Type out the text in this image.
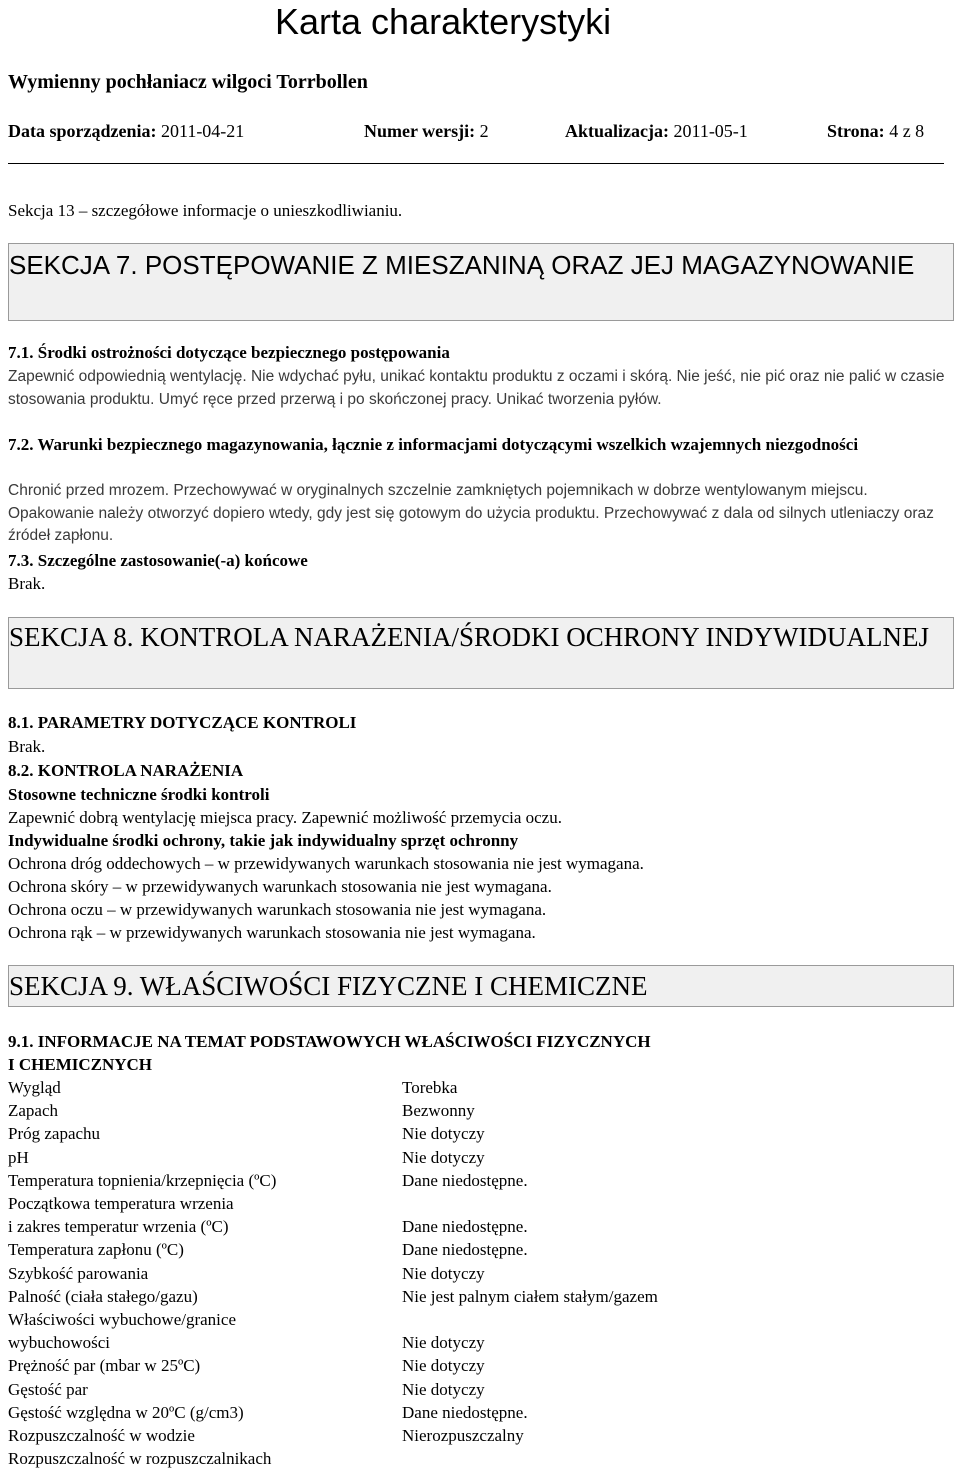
Karta charakterystyki
Wymienny pochłaniacz wilgoci Torrbollen
Data sporządzenia: 2011-04-21	Numer wersji: 2	Aktualizacja: 2011-05-1	Strona: 4 z 8
Sekcja 13 – szczegółowe informacje o unieszkodliwianiu.
SEKCJA 7. POSTĘPOWANIE Z MIESZANINĄ ORAZ JEJ MAGAZYNOWANIE
7.1. Środki ostrożności dotyczące bezpiecznego postępowania
Zapewnić odpowiednią wentylację. Nie wdychać pyłu, unikać kontaktu produktu z oczami i skórą. Nie jeść, nie pić oraz nie palić w czasie stosowania produktu. Umyć ręce przed przerwą i po skończonej pracy. Unikać tworzenia pyłów.
7.2. Warunki bezpiecznego magazynowania, łącznie z informacjami dotyczącymi wszelkich wzajemnych niezgodności
Chronić przed mrozem. Przechowywać w oryginalnych szczelnie zamkniętych pojemnikach w dobrze wentylowanym miejscu. Opakowanie należy otworzyć dopiero wtedy, gdy jest się gotowym do użycia produktu. Przechowywać z dala od silnych utleniaczy oraz źródeł zapłonu.
7.3. Szczególne zastosowanie(-a) końcowe
Brak.
SEKCJA 8. KONTROLA NARAŻENIA/ŚRODKI OCHRONY INDYWIDUALNEJ
8.1. PARAMETRY DOTYCZĄCE KONTROLI
Brak.
8.2. KONTROLA NARAŻENIA
Stosowne techniczne środki kontroli
Zapewnić dobrą wentylację miejsca pracy. Zapewnić możliwość przemycia oczu.
Indywidualne środki ochrony, takie jak indywidualny sprzęt ochronny
Ochrona dróg oddechowych – w przewidywanych warunkach stosowania nie jest wymagana.
Ochrona skóry – w przewidywanych warunkach stosowania nie jest wymagana.
Ochrona oczu – w przewidywanych warunkach stosowania nie jest wymagana.
Ochrona rąk – w przewidywanych warunkach stosowania nie jest wymagana.
SEKCJA 9. WŁAŚCIWOŚCI FIZYCZNE I CHEMICZNE
9.1. INFORMACJE NA TEMAT PODSTAWOWYCH WŁAŚCIWOŚCI FIZYCZNYCH
I CHEMICZNYCH
Wygląd	Torebka
Zapach	Bezwonny
Próg zapachu	Nie dotyczy
pH	Nie dotyczy
Temperatura topnienia/krzepnięcia (ºC)	Dane niedostępne.
Początkowa temperatura wrzenia
i zakres temperatur wrzenia (ºC)	Dane niedostępne.
Temperatura zapłonu (ºC)	Dane niedostępne.
Szybkość parowania	Nie dotyczy
Palność (ciała stałego/gazu)	Nie jest palnym ciałem stałym/gazem
Właściwości wybuchowe/granice
wybuchowości	Nie dotyczy
Prężność par (mbar w 25ºC)	Nie dotyczy
Gęstość par	Nie dotyczy
Gęstość względna w 20ºC (g/cm3)	Dane niedostępne.
Rozpuszczalność w wodzie	Nierozpuszczalny
Rozpuszczalność w rozpuszczalnikach
